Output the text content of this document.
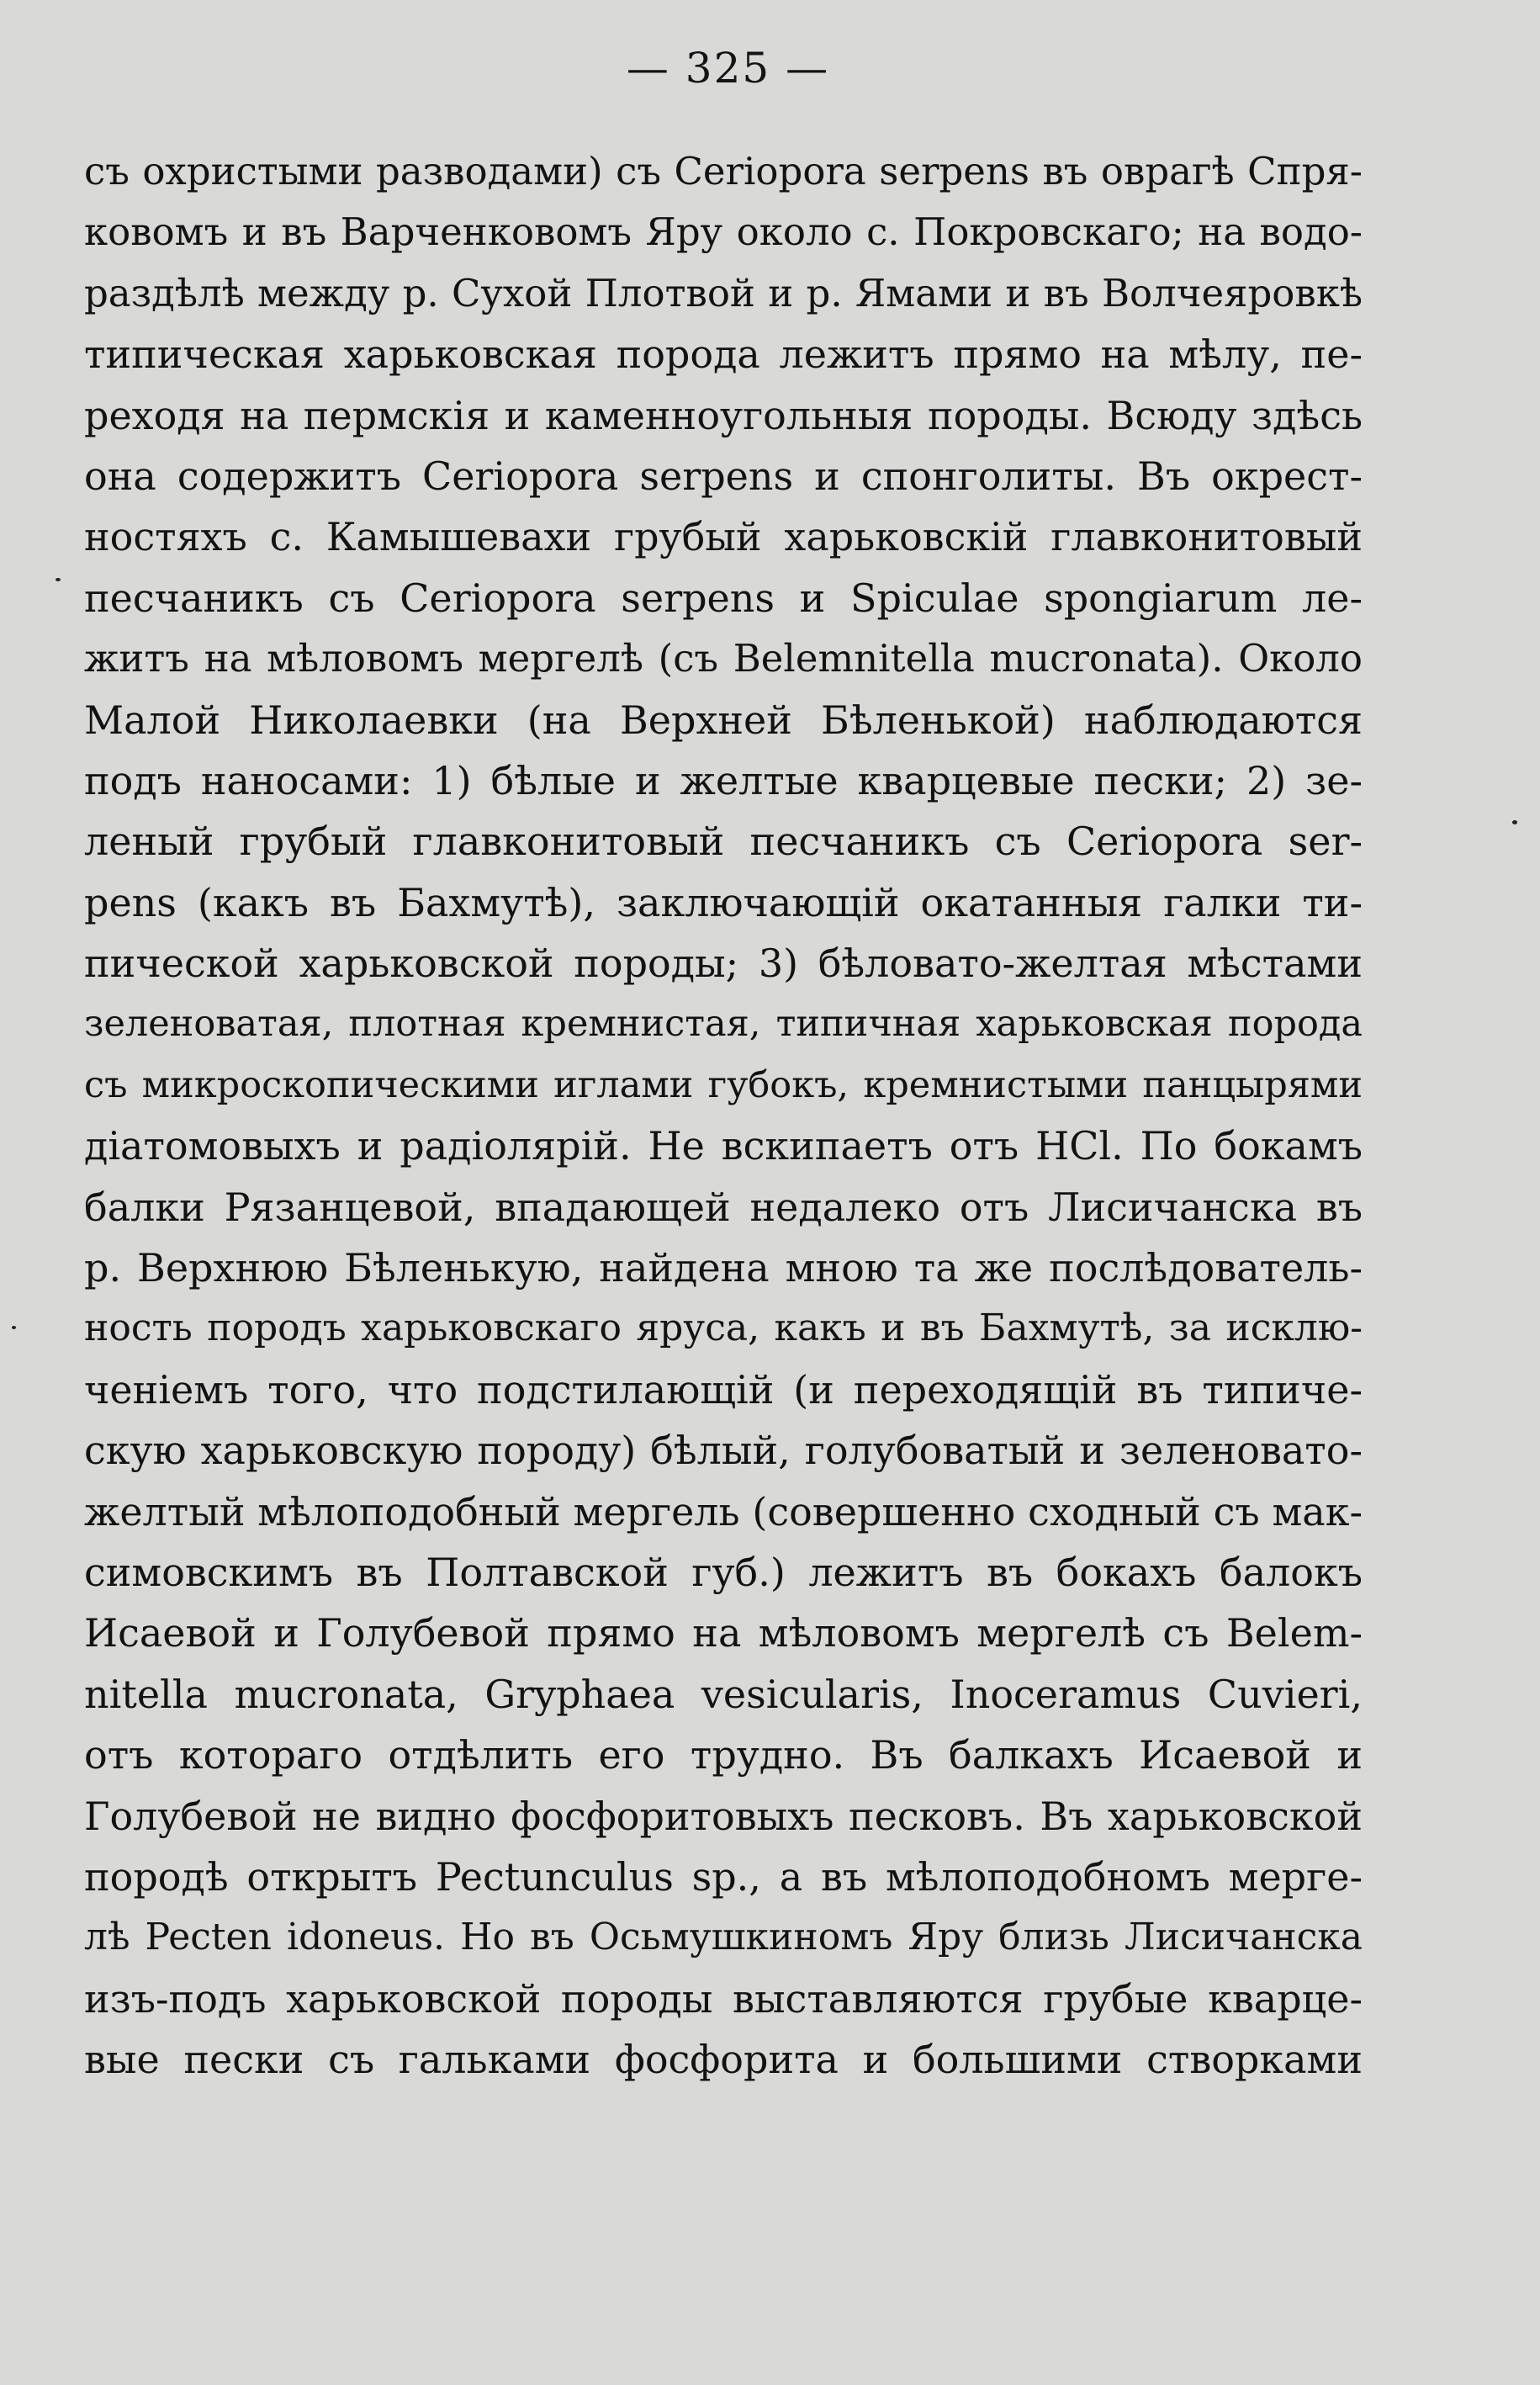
— 325 —
съ охристыми разводами) съ Ceriopora serpens въ оврагѣ Спря-
ковомъ и въ Варченковомъ Яру около с. Покровскаго; на водо-
раздѣлѣ между р. Сухой Плотвой и р. Ямами и въ Волчеяровкѣ
типическая харьковская порода лежитъ прямо на мѣлу, пе-
реходя на пермскія и каменноугольныя породы. Всюду здѣсь
она содержитъ Ceriopora serpens и спонголиты. Въ окрест-
ностяхъ с. Камышевахи грубый харьковскій главконитовый
песчаникъ съ Ceriopora serpens и Spiculae spongiarum ле-
житъ на мѣловомъ мергелѣ (съ Belemnitella mucronata). Около
Малой Николаевки (на Верхней Бѣленькой) наблюдаются
подъ наносами: 1) бѣлые и желтые кварцевые пески; 2) зе-
леный грубый главконитовый песчаникъ съ Ceriopora ser-
pens (какъ въ Бахмутѣ), заключающій окатанныя галки ти-
пической харьковской породы; 3) бѣловато-желтая мѣстами
зеленоватая, плотная кремнистая, типичная харьковская порода
съ микроскопическими иглами губокъ, кремнистыми панцырями
діатомовыхъ и радіолярій. Не вскипаетъ отъ HCl. По бокамъ
балки Рязанцевой, впадающей недалеко отъ Лисичанска въ
р. Верхнюю Бѣленькую, найдена мною та же послѣдователь-
ность породъ харьковскаго яруса, какъ и въ Бахмутѣ, за исклю-
ченіемъ того, что подстилающій (и переходящій въ типиче-
скую харьковскую породу) бѣлый, голубоватый и зеленовато-
желтый мѣлоподобный мергель (совершенно сходный съ мак-
симовскимъ въ Полтавской губ.) лежитъ въ бокахъ балокъ
Исаевой и Голубевой прямо на мѣловомъ мергелѣ съ Belem-
nitella mucronata, Gryphaea vesicularis, Inoceramus Cuvieri,
отъ котораго отдѣлить его трудно. Въ балкахъ Исаевой и
Голубевой не видно фосфоритовыхъ песковъ. Въ харьковской
породѣ открытъ Pectunculus sp., а въ мѣлоподобномъ мерге-
лѣ Pecten idoneus. Но въ Осьмушкиномъ Яру близь Лисичанска
изъ-подъ харьковской породы выставляются грубые кварце-
вые пески съ гальками фосфорита и большими створками
